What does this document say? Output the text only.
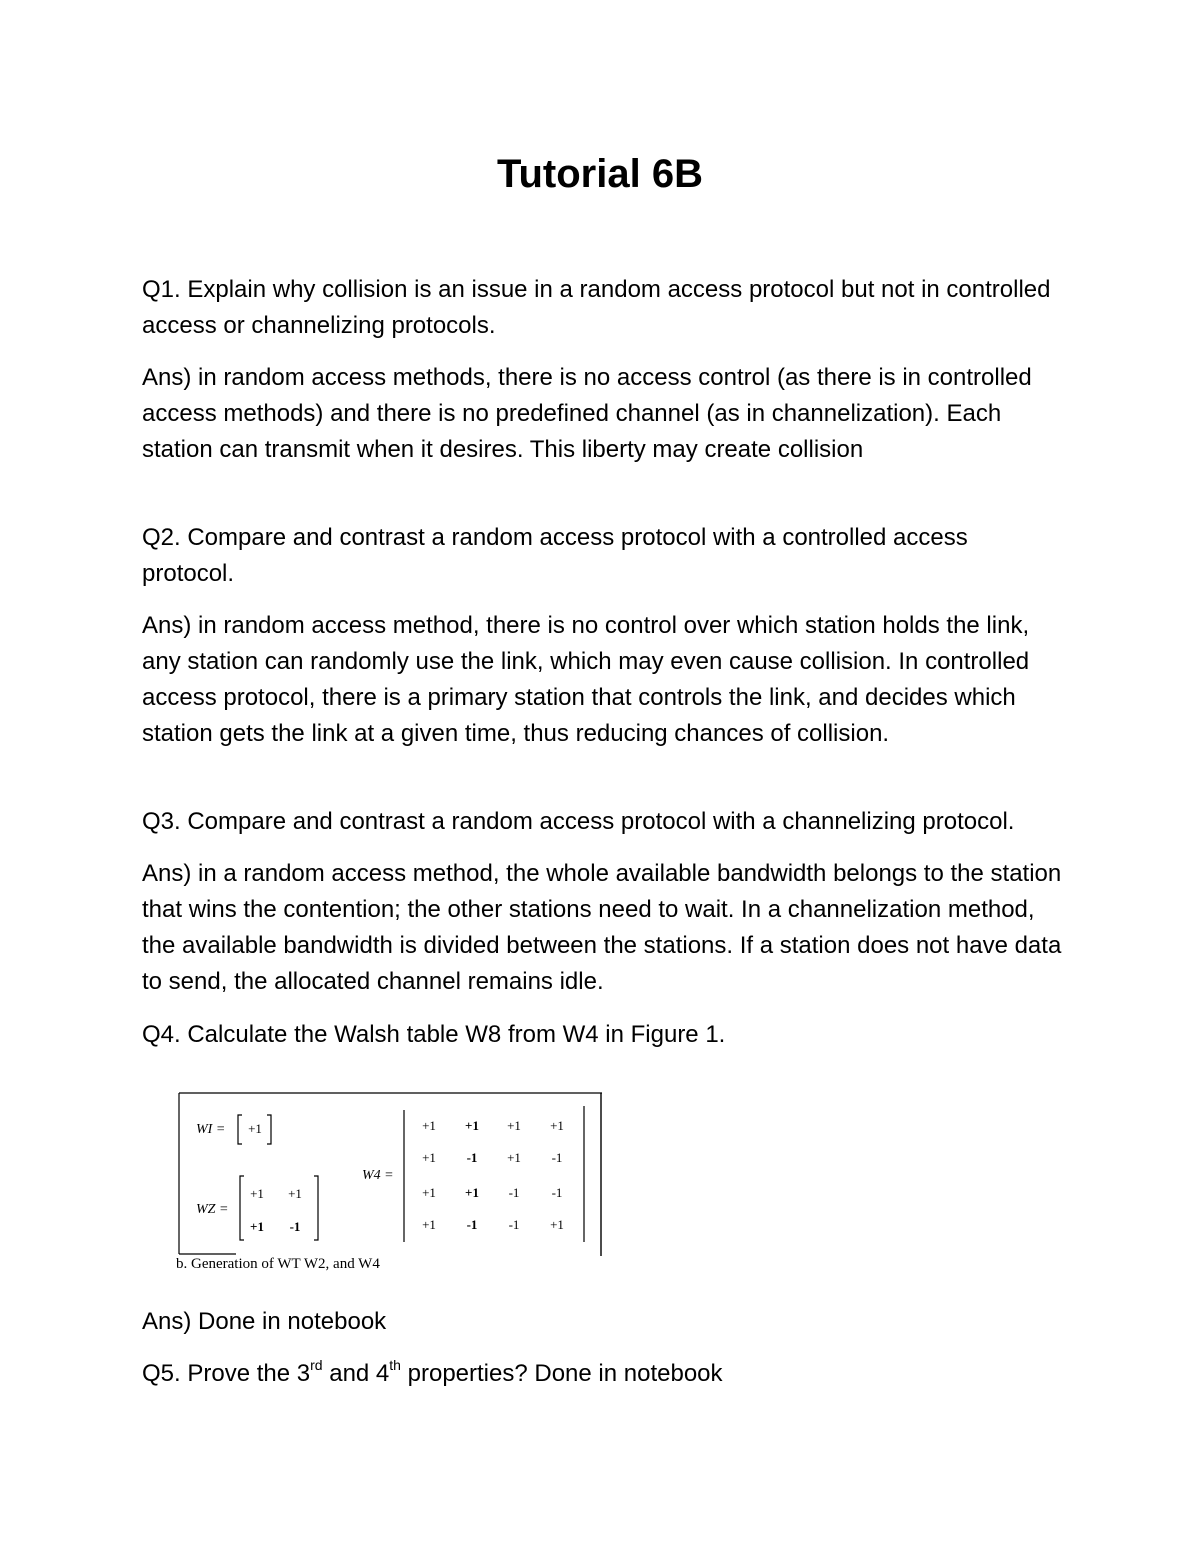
Tutorial 6B

Q1. Explain why collision is an issue in a random access protocol but not in controlled access or channelizing protocols.

Ans) in random access methods, there is no access control (as there is in controlled access methods) and there is no predefined channel (as in channelization). Each station can transmit when it desires. This liberty may create collision

Q2. Compare and contrast a random access protocol with a controlled access protocol.

Ans) in random access method, there is no control over which station holds the link, any station can randomly use the link, which may even cause collision. In controlled access protocol, there is a primary station that controls the link, and decides which station gets the link at a given time, thus reducing chances of collision.

Q3. Compare and contrast a random access protocol with a channelizing protocol.

Ans) in a random access method, the whole available bandwidth belongs to the station that wins the contention; the other stations need to wait. In a channelization method, the available bandwidth is divided between the stations. If a station does not have data to send, the allocated channel remains idle.

Q4. Calculate the Walsh table W8 from W4 in Figure 1.

WI =	+1
WZ =
+1	+1
+1	-1
W4 =
+1	+1	+1	+1
+1	-1	+1	-1
+1	+1	-1	-1
+1	-1	-1	+1
b. Generation of WT W2, and W4

Ans) Done in notebook

Q5. Prove the 3rd and 4th properties? Done in notebook
